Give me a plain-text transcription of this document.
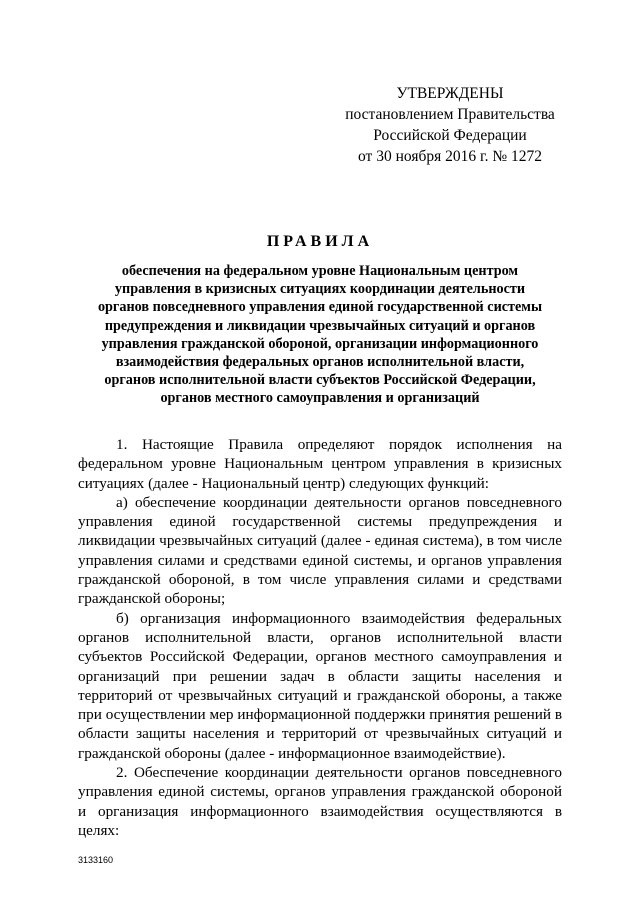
УТВЕРЖДЕНЫ
постановлением Правительства
Российской Федерации
от 30 ноября 2016 г. № 1272
ПРАВИЛА
обеспечения на федеральном уровне Национальным центром
управления в кризисных ситуациях координации деятельности
органов повседневного управления единой государственной системы
предупреждения и ликвидации чрезвычайных ситуаций и органов
управления гражданской обороной, организации информационного
взаимодействия федеральных органов исполнительной власти,
органов исполнительной власти субъектов Российской Федерации,
органов местного самоуправления и организаций

1. Настоящие Правила определяют порядок исполнения на федеральном уровне Национальным центром управления в кризисных ситуациях (далее - Национальный центр) следующих функций:

а) обеспечение координации деятельности органов повседневного управления единой государственной системы предупреждения и ликвидации чрезвычайных ситуаций (далее - единая система), в том числе управления силами и средствами единой системы, и органов управления гражданской обороной, в том числе управления силами и средствами гражданской обороны;

б) организация информационного взаимодействия федеральных органов исполнительной власти, органов исполнительной власти субъектов Российской Федерации, органов местного самоуправления и организаций при решении задач в области защиты населения и территорий от чрезвычайных ситуаций и гражданской обороны, а также при осуществлении мер информационной поддержки принятия решений в области защиты населения и территорий от чрезвычайных ситуаций и гражданской обороны (далее - информационное взаимодействие).

2. Обеспечение координации деятельности органов повседневного управления единой системы, органов управления гражданской обороной и организация информационного взаимодействия осуществляются в целях:

3133160
